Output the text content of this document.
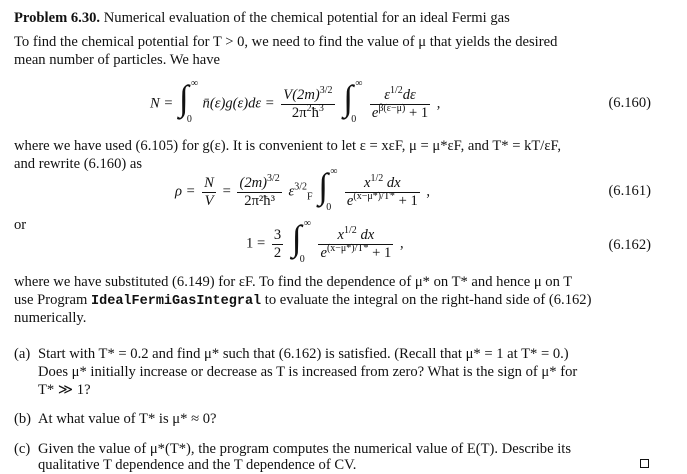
Problem 6.30. Numerical evaluation of the chemical potential for an ideal Fermi gas
To find the chemical potential for T > 0, we need to find the value of μ that yields the desired
mean number of particles. We have
N = ∫ ∞
0
n̄(ε)g(ε)dε = $\frac{V(2m)^{3/2}}{2\pi^2ħ^3}$
∫ ∞
0
$\frac{\varepsilon^{1/2}d\varepsilon}{e^{\beta(\varepsilon-\mu)} + 1}$ ,	(6.160)
where we have used (6.105) for g(ε). It is convenient to let ε = xεF, μ = μ*εF, and T* = kT/εF,
and rewrite (6.160) as
$\rho = \frac{N}{V} = \frac{(2m)^{3/2}}{\text{2π²ħ³}} \varepsilon^{3/2}_F$ ∫ ∞
0
$\frac{x^{1/2} dx}{e^{(x-\mu*)/T*} + 1}$ ,	(6.161)
or
$1 = \frac{3}{2}$
∫ ∞
0
$\frac{x^{1/2} dx}{e^{(x-\mu*)/T*} + 1}$ ,	(6.162)
where we have substituted (6.149) for εF. To find the dependence of μ* on T* and hence μ on T
use Program IdealFermiGasIntegral to evaluate the integral on the right-hand side of (6.162)
numerically.
(a) Start with T* = 0.2 and find μ* such that (6.162) is satisfied. (Recall that μ* = 1 at T* = 0.)
Does μ* initially increase or decrease as T is increased from zero? What is the sign of μ* for
T* ≫ 1?
(b) At what value of T* is μ* ≈ 0?
(c) Given the value of μ*(T*), the program computes the numerical value of E(T). Describe its
qualitative T dependence and the T dependence of CV.
